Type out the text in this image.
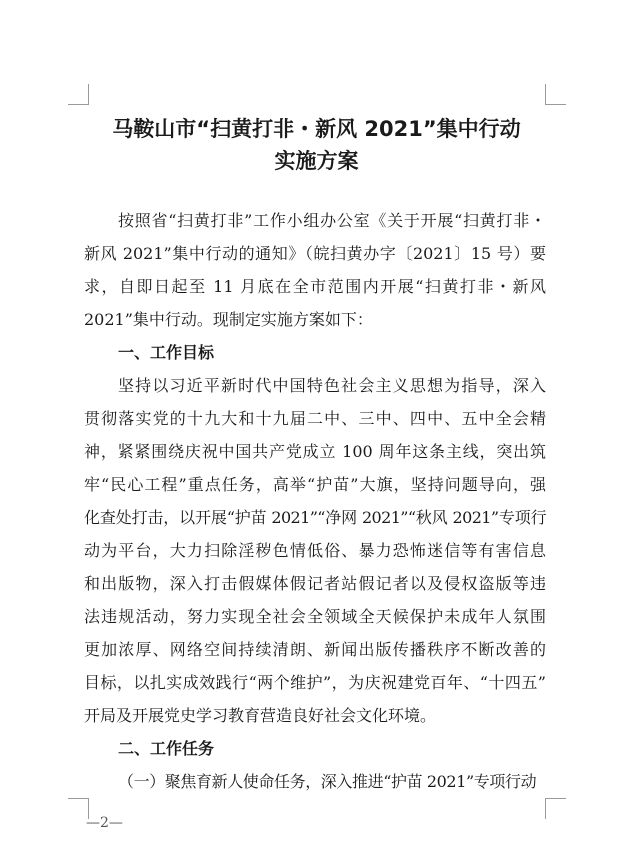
马鞍山市“扫黄打非・新风 2021”集中行动
实施方案
按照省“扫黄打非”工作小组办公室《关于开展“扫黄打非・
新风 2021”集中行动的通知》（皖扫黄办字〔2021〕15 号）要
求，自即日起至 11 月底在全市范围内开展“扫黄打非・新风
2021”集中行动。现制定实施方案如下：
一、工作目标
坚持以习近平新时代中国特色社会主义思想为指导，深入
贯彻落实党的十九大和十九届二中、三中、四中、五中全会精
神，紧紧围绕庆祝中国共产党成立 100 周年这条主线，突出筑
牢“民心工程”重点任务，高举“护苗”大旗，坚持问题导向，强
化查处打击，以开展“护苗 2021”“净网 2021”“秋风 2021”专项行
动为平台，大力扫除淫秽色情低俗、暴力恐怖迷信等有害信息
和出版物，深入打击假媒体假记者站假记者以及侵权盗版等违
法违规活动，努力实现全社会全领域全天候保护未成年人氛围
更加浓厚、网络空间持续清朗、新闻出版传播秩序不断改善的
目标，以扎实成效践行“两个维护”，为庆祝建党百年、“十四五”
开局及开展党史学习教育营造良好社会文化环境。
二、工作任务
（一）聚焦育新人使命任务，深入推进“护苗 2021”专项行动
—2—
